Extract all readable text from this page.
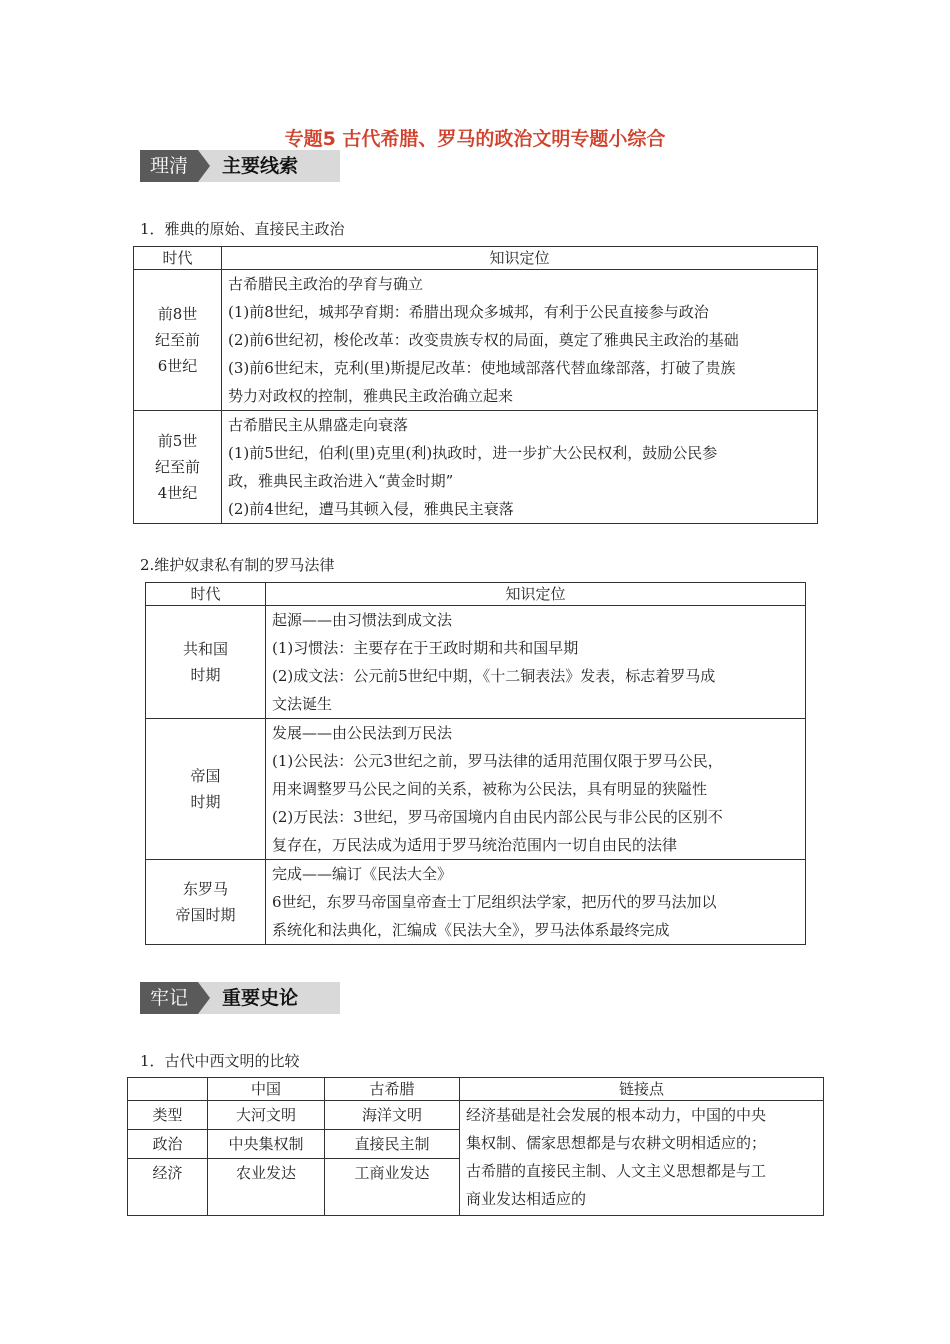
专题5 古代希腊、罗马的政治文明专题小综合
理清	主要线索
1．雅典的原始、直接民主政治
时代	知识定位

前8世
纪至前
6世纪	古希腊民主政治的孕育与确立
(1)前8世纪，城邦孕育期：希腊出现众多城邦，有利于公民直接参与政治
(2)前6世纪初，梭伦改革：改变贵族专权的局面，奠定了雅典民主政治的基础
(3)前6世纪末，克利(里)斯提尼改革：使地域部落代替血缘部落，打破了贵族
势力对政权的控制，雅典民主政治确立起来

前5世
纪至前
4世纪	古希腊民主从鼎盛走向衰落
(1)前5世纪，伯利(里)克里(利)执政时，进一步扩大公民权利，鼓励公民参
政，雅典民主政治进入“黄金时期”
(2)前4世纪，遭马其顿入侵，雅典民主衰落
2.维护奴隶私有制的罗马法律
时代	知识定位

共和国
时期	起源——由习惯法到成文法
(1)习惯法：主要存在于王政时期和共和国早期
(2)成文法：公元前5世纪中期，《十二铜表法》发表，标志着罗马成
文法诞生

帝国
时期	发展——由公民法到万民法
(1)公民法：公元3世纪之前，罗马法律的适用范围仅限于罗马公民，
用来调整罗马公民之间的关系，被称为公民法，具有明显的狭隘性
(2)万民法：3世纪，罗马帝国境内自由民内部公民与非公民的区别不
复存在，万民法成为适用于罗马统治范围内一切自由民的法律

东罗马
帝国时期	完成——编订《民法大全》
6世纪，东罗马帝国皇帝查士丁尼组织法学家，把历代的罗马法加以
系统化和法典化，汇编成《民法大全》，罗马法体系最终完成
牢记	重要史论
1．古代中西文明的比较
	中国	古希腊	链接点
类型	大河文明	海洋文明	经济基础是社会发展的根本动力，中国的中央
集权制、儒家思想都是与农耕文明相适应的；
古希腊的直接民主制、人文主义思想都是与工
商业发达相适应的

政治	中央集权制	直接民主制	
经济	农业发达	工商业发达	
